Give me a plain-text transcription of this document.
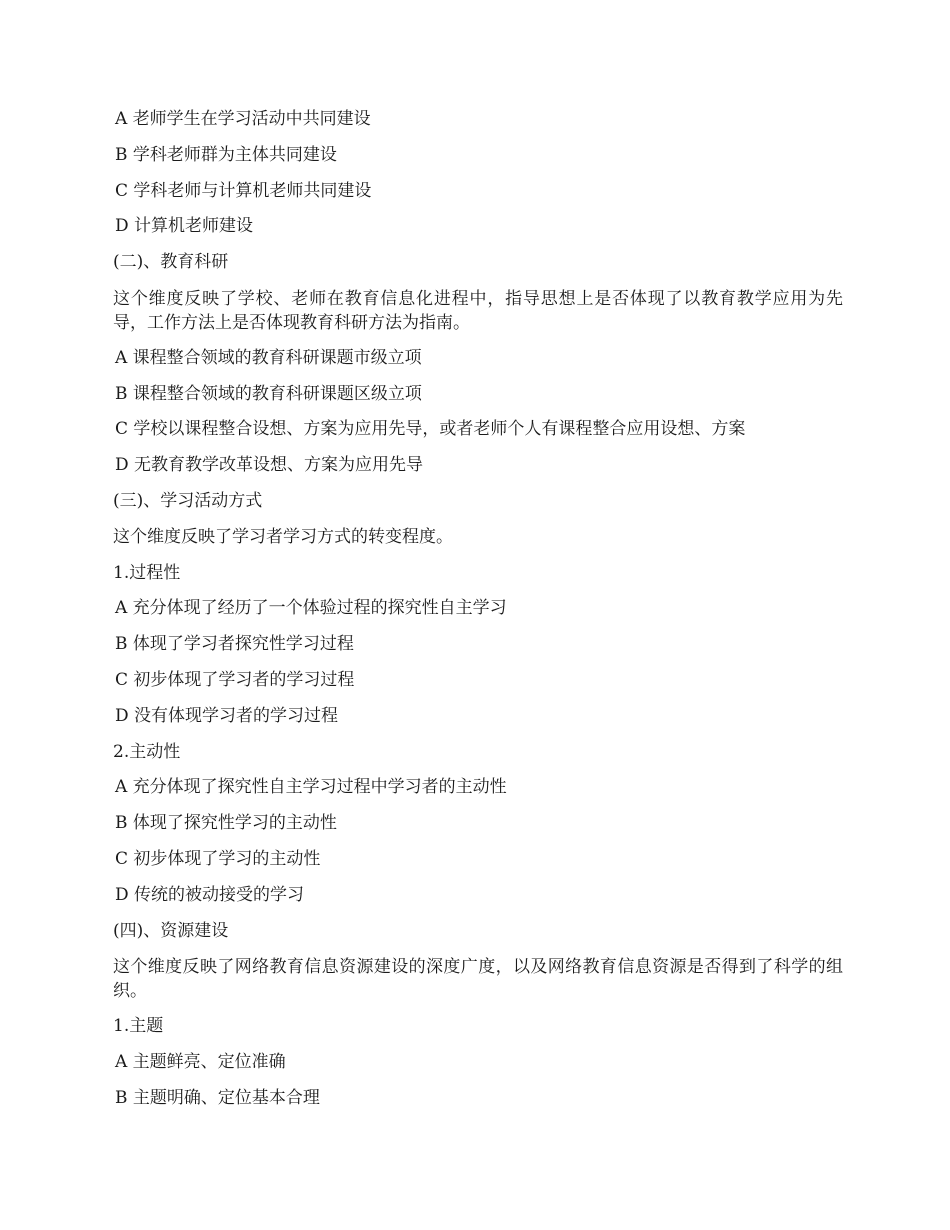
A 老师学生在学习活动中共同建设
B 学科老师群为主体共同建设
C 学科老师与计算机老师共同建设
D 计算机老师建设
(二)、教育科研
这个维度反映了学校、老师在教育信息化进程中，指导思想上是否体现了以教育教学应用为先导，工作方法上是否体现教育科研方法为指南。
A 课程整合领域的教育科研课题市级立项
B 课程整合领域的教育科研课题区级立项
C 学校以课程整合设想、方案为应用先导，或者老师个人有课程整合应用设想、方案
D 无教育教学改革设想、方案为应用先导
(三)、学习活动方式
这个维度反映了学习者学习方式的转变程度。
1.过程性
A 充分体现了经历了一个体验过程的探究性自主学习
B 体现了学习者探究性学习过程
C 初步体现了学习者的学习过程
D 没有体现学习者的学习过程
2.主动性
A 充分体现了探究性自主学习过程中学习者的主动性
B 体现了探究性学习的主动性
C 初步体现了学习的主动性
D 传统的被动接受的学习
(四)、资源建设
这个维度反映了网络教育信息资源建设的深度广度，以及网络教育信息资源是否得到了科学的组织。
1.主题
A 主题鲜亮、定位准确
B 主题明确、定位基本合理
